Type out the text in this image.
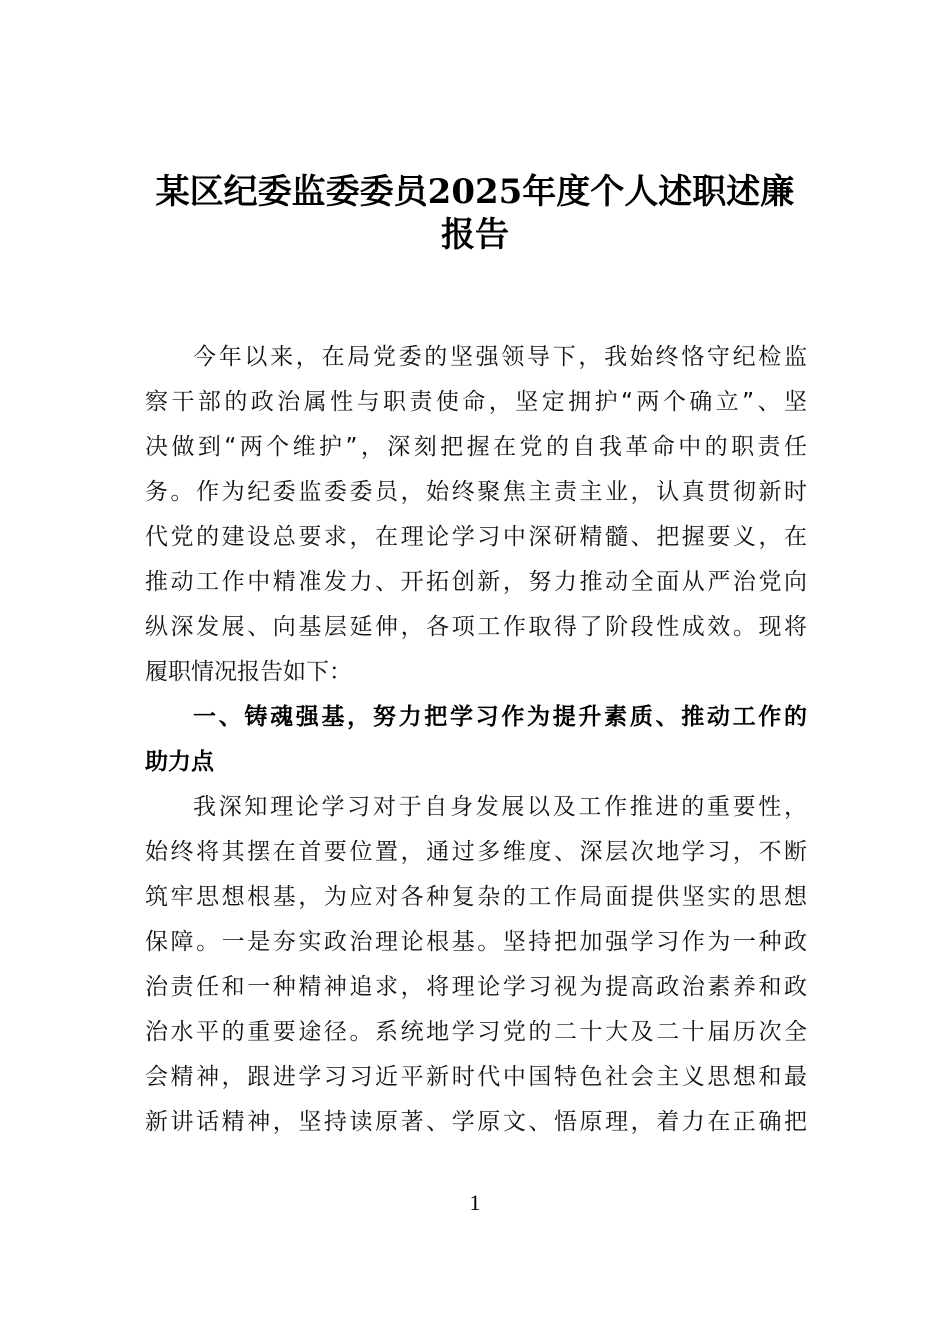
某区纪委监委委员2025年度个人述职述廉
报告
今年以来，在局党委的坚强领导下，我始终恪守纪检监
察干部的政治属性与职责使命，坚定拥护“两个确立”、坚
决做到“两个维护”，深刻把握在党的自我革命中的职责任
务。作为纪委监委委员，始终聚焦主责主业，认真贯彻新时
代党的建设总要求，在理论学习中深研精髓、把握要义，在
推动工作中精准发力、开拓创新，努力推动全面从严治党向
纵深发展、向基层延伸，各项工作取得了阶段性成效。现将
履职情况报告如下：
一、铸魂强基，努力把学习作为提升素质、推动工作的
助力点
我深知理论学习对于自身发展以及工作推进的重要性，
始终将其摆在首要位置，通过多维度、深层次地学习，不断
筑牢思想根基，为应对各种复杂的工作局面提供坚实的思想
保障。一是夯实政治理论根基。坚持把加强学习作为一种政
治责任和一种精神追求，将理论学习视为提高政治素养和政
治水平的重要途径。系统地学习党的二十大及二十届历次全
会精神，跟进学习习近平新时代中国特色社会主义思想和最
新讲话精神，坚持读原著、学原文、悟原理，着力在正确把
1
